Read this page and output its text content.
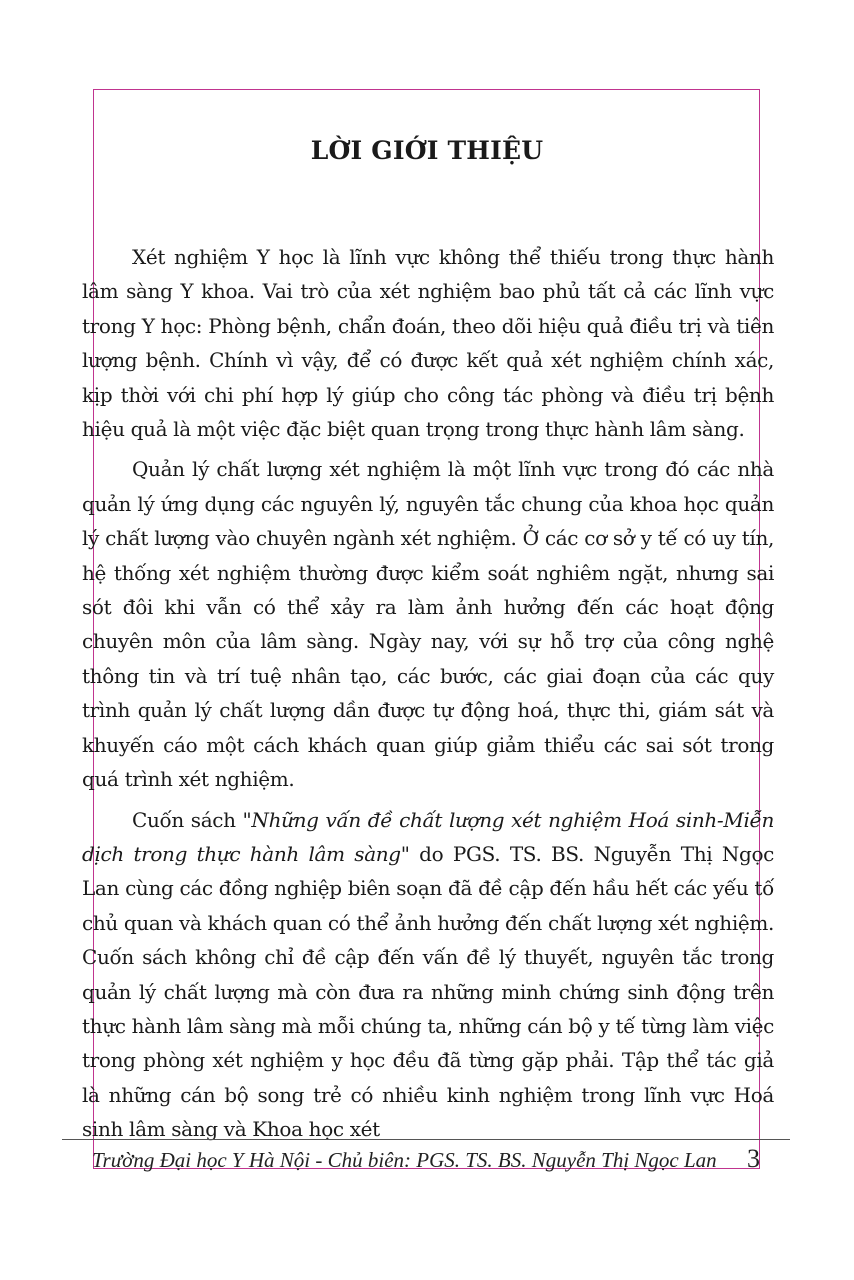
LỜI GIỚI THIỆU

Xét nghiệm Y học là lĩnh vực không thể thiếu trong thực hành lâm sàng Y khoa. Vai trò của xét nghiệm bao phủ tất cả các lĩnh vực trong Y học: Phòng bệnh, chẩn đoán, theo dõi hiệu quả điều trị và tiên lượng bệnh. Chính vì vậy, để có được kết quả xét nghiệm chính xác, kịp thời với chi phí hợp lý giúp cho công tác phòng và điều trị bệnh hiệu quả là một việc đặc biệt quan trọng trong thực hành lâm sàng.

Quản lý chất lượng xét nghiệm là một lĩnh vực trong đó các nhà quản lý ứng dụng các nguyên lý, nguyên tắc chung của khoa học quản lý chất lượng vào chuyên ngành xét nghiệm. Ở các cơ sở y tế có uy tín, hệ thống xét nghiệm thường được kiểm soát nghiêm ngặt, nhưng sai sót đôi khi vẫn có thể xảy ra làm ảnh hưởng đến các hoạt động chuyên môn của lâm sàng. Ngày nay, với sự hỗ trợ của công nghệ thông tin và trí tuệ nhân tạo, các bước, các giai đoạn của các quy trình quản lý chất lượng dần được tự động hoá, thực thi, giám sát và khuyến cáo một cách khách quan giúp giảm thiểu các sai sót trong quá trình xét nghiệm.

Cuốn sách "Những vấn đề chất lượng xét nghiệm Hoá sinh-Miễn dịch trong thực hành lâm sàng" do PGS. TS. BS. Nguyễn Thị Ngọc Lan cùng các đồng nghiệp biên soạn đã đề cập đến hầu hết các yếu tố chủ quan và khách quan có thể ảnh hưởng đến chất lượng xét nghiệm. Cuốn sách không chỉ đề cập đến vấn đề lý thuyết, nguyên tắc trong quản lý chất lượng mà còn đưa ra những minh chứng sinh động trên thực hành lâm sàng mà mỗi chúng ta, những cán bộ y tế từng làm việc trong phòng xét nghiệm y học đều đã từng gặp phải. Tập thể tác giả là những cán bộ song trẻ có nhiều kinh nghiệm trong lĩnh vực Hoá sinh lâm sàng và Khoa học xét

Trường Đại học Y Hà Nội - Chủ biên: PGS. TS. BS. Nguyễn Thị Ngọc Lan 3
